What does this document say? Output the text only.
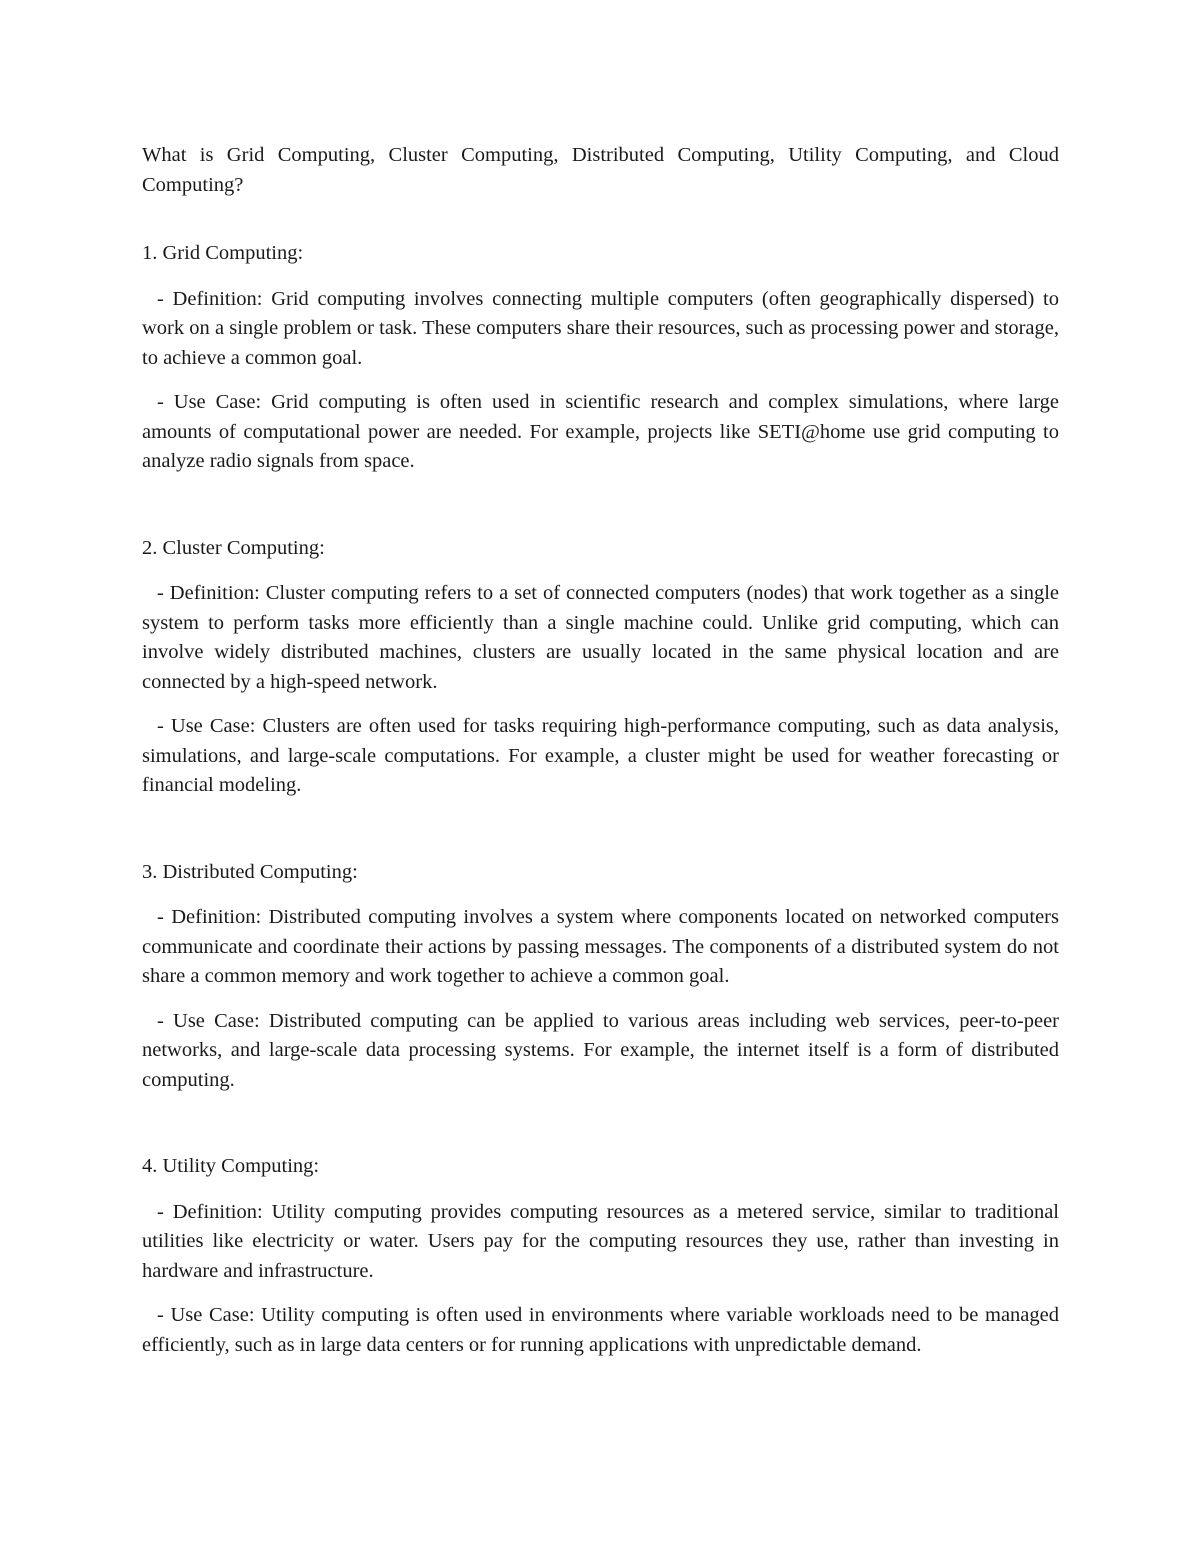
What is Grid Computing, Cluster Computing, Distributed Computing, Utility Computing, and Cloud Computing?

1. Grid Computing:

- Definition: Grid computing involves connecting multiple computers (often geographically dispersed) to work on a single problem or task. These computers share their resources, such as processing power and storage, to achieve a common goal.

- Use Case: Grid computing is often used in scientific research and complex simulations, where large amounts of computational power are needed. For example, projects like SETI@home use grid computing to analyze radio signals from space.

2. Cluster Computing:

- Definition: Cluster computing refers to a set of connected computers (nodes) that work together as a single system to perform tasks more efficiently than a single machine could. Unlike grid computing, which can involve widely distributed machines, clusters are usually located in the same physical location and are connected by a high-speed network.

- Use Case: Clusters are often used for tasks requiring high-performance computing, such as data analysis, simulations, and large-scale computations. For example, a cluster might be used for weather forecasting or financial modeling.

3. Distributed Computing:

- Definition: Distributed computing involves a system where components located on networked computers communicate and coordinate their actions by passing messages. The components of a distributed system do not share a common memory and work together to achieve a common goal.

- Use Case: Distributed computing can be applied to various areas including web services, peer-to-peer networks, and large-scale data processing systems. For example, the internet itself is a form of distributed computing.

4. Utility Computing:

- Definition: Utility computing provides computing resources as a metered service, similar to traditional utilities like electricity or water. Users pay for the computing resources they use, rather than investing in hardware and infrastructure.

- Use Case: Utility computing is often used in environments where variable workloads need to be managed efficiently, such as in large data centers or for running applications with unpredictable demand.
